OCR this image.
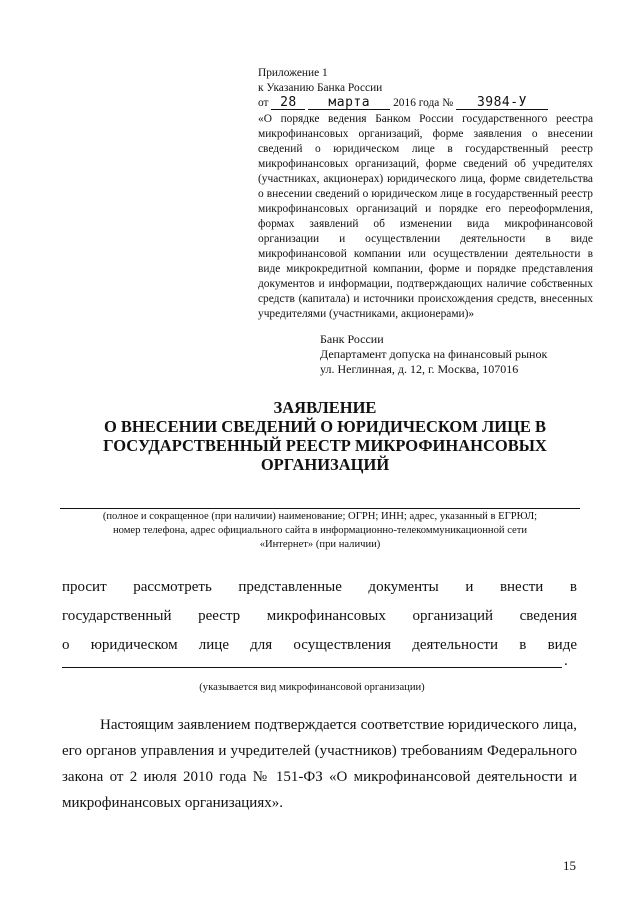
Приложение 1
к Указанию Банка России
от 28 марта 2016 года № 3984-У
«О порядке ведения Банком России государственного реестра микрофинансовых организаций, форме заявления о внесении сведений о юридическом лице в государственный реестр микрофинансовых организаций, форме сведений об учредителях (участниках, акционерах) юридического лица, форме свидетельства о внесении сведений о юридическом лице в государственный реестр микрофинансовых организаций и порядке его переоформления, формах заявлений об изменении вида микрофинансовой организации и осуществлении деятельности в виде микрофинансовой компании или осуществлении деятельности в виде микрокредитной компании, форме и порядке представления документов и информации, подтверждающих наличие собственных средств (капитала) и источники происхождения средств, внесенных учредителями (участниками, акционерами)»
Банк России
Департамент допуска на финансовый рынок
ул. Неглинная, д. 12, г. Москва, 107016
ЗАЯВЛЕНИЕ
О ВНЕСЕНИИ СВЕДЕНИЙ О ЮРИДИЧЕСКОМ ЛИЦЕ В
ГОСУДАРСТВЕННЫЙ РЕЕСТР МИКРОФИНАНСОВЫХ
ОРГАНИЗАЦИЙ
(полное и сокращенное (при наличии) наименование; ОГРН; ИНН; адрес, указанный в ЕГРЮЛ;
номер телефона, адрес официального сайта в информационно-телекоммуникационной сети
«Интернет» (при наличии)

просит рассмотреть представленные документы и внести в

государственный реестр микрофинансовых организаций сведения

о юридическом лице для осуществления деятельности в виде

.
(указывается вид микрофинансовой организации)

Настоящим заявлением подтверждается соответствие юридического лица, его органов управления и учредителей (участников) требованиям Федерального закона от 2 июля 2010 года № 151-ФЗ «О микрофинансовой деятельности и микрофинансовых организациях».

15
